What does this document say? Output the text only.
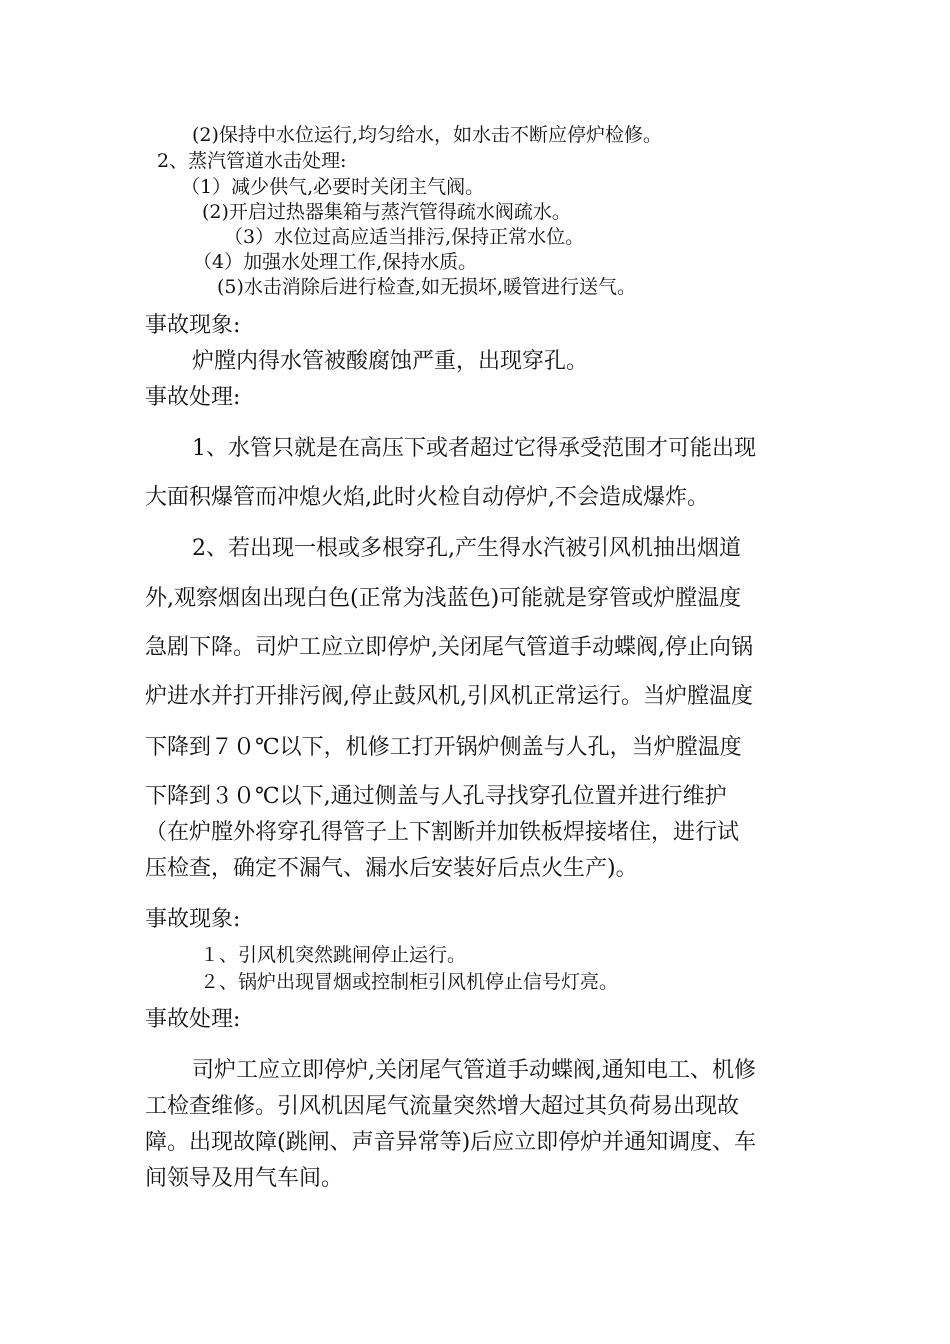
(2)保持中水位运行,均匀给水，如水击不断应停炉检修。
2、蒸汽管道水击处理:
（1）减少供气,必要时关闭主气阀。
(2)开启过热器集箱与蒸汽管得疏水阀疏水。
（3）水位过高应适当排污,保持正常水位。
（4）加强水处理工作,保持水质。
(5)水击消除后进行检查,如无损坏,暖管进行送气。
事故现象:
炉膛内得水管被酸腐蚀严重，出现穿孔。
事故处理:
1、水管只就是在高压下或者超过它得承受范围才可能出现
大面积爆管而冲熄火焰,此时火检自动停炉,不会造成爆炸。
2、若出现一根或多根穿孔,产生得水汽被引风机抽出烟道
外,观察烟囱出现白色(正常为浅蓝色)可能就是穿管或炉膛温度
急剧下降。司炉工应立即停炉,关闭尾气管道手动蝶阀,停止向锅
炉进水并打开排污阀,停止鼓风机,引风机正常运行。当炉膛温度
下降到７０℃以下，机修工打开锅炉侧盖与人孔，当炉膛温度
下降到３０℃以下,通过侧盖与人孔寻找穿孔位置并进行维护
（在炉膛外将穿孔得管子上下割断并加铁板焊接堵住，进行试
压检查，确定不漏气、漏水后安装好后点火生产)。
事故现象:
１、引风机突然跳闸停止运行。
２、锅炉出现冒烟或控制柜引风机停止信号灯亮。
事故处理:
司炉工应立即停炉,关闭尾气管道手动蝶阀,通知电工、机修
工检查维修。引风机因尾气流量突然增大超过其负荷易出现故
障。出现故障(跳闸、声音异常等)后应立即停炉并通知调度、车
间领导及用气车间。
